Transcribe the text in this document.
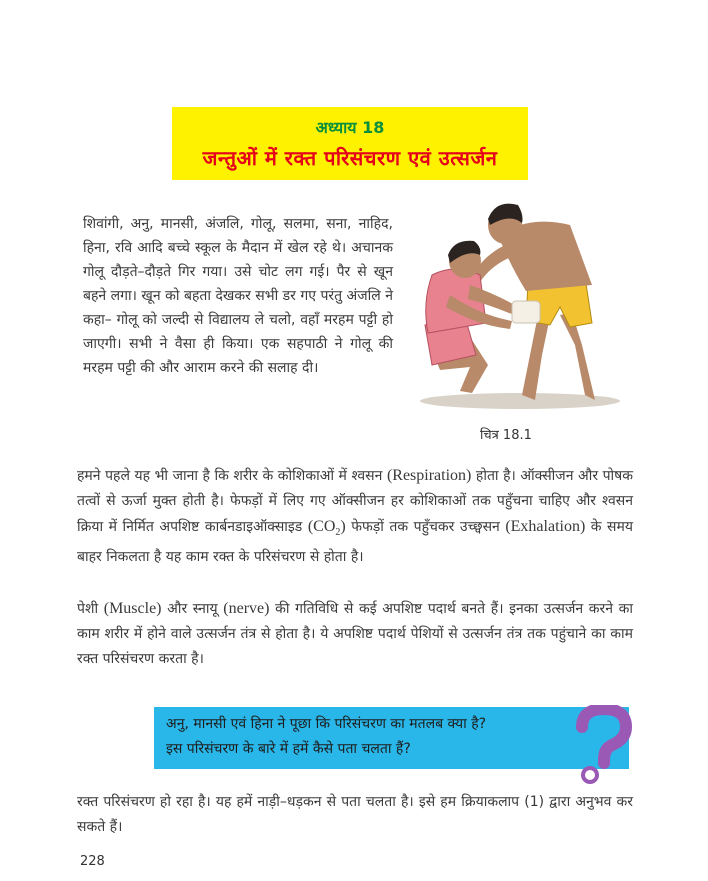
अध्याय 18
जन्तुओं में रक्त परिसंचरण एवं उत्सर्जन
शिवांगी, अनु, मानसी, अंजलि, गोलू, सलमा, सना, नाहिद, हिना, रवि आदि बच्चे स्कूल के मैदान में खेल रहे थे। अचानक गोलू दौड़ते–दौड़ते गिर गया। उसे चोट लग गई। पैर से खून बहने लगा। खून को बहता देखकर सभी डर गए परंतु अंजलि ने कहा– गोलू को जल्दी से विद्यालय ले चलो, वहाँ मरहम पट्टी हो जाएगी। सभी ने वैसा ही किया। एक सहपाठी ने गोलू की मरहम पट्टी की और आराम करने की सलाह दी।
चित्र 18.1
हमने पहले यह भी जाना है कि शरीर के कोशिकाओं में श्वसन (Respiration) होता है। ऑक्सीजन और पोषक तत्वों से ऊर्जा मुक्त होती है। फेफड़ों में लिए गए ऑक्सीजन हर कोशिकाओं तक पहुँचना चाहिए और श्वसन क्रिया में निर्मित अपशिष्ट कार्बनडाइऑक्साइड $(CO_2)$ फेफड़ों तक पहुँचकर उच्छ्वसन (Exhalation) के समय बाहर निकलता है यह काम रक्त के परिसंचरण से होता है।
पेशी (Muscle) और स्नायू (nerve) की गतिविधि से कई अपशिष्ट पदार्थ बनते हैं। इनका उत्सर्जन करने का काम शरीर में होने वाले उत्सर्जन तंत्र से होता है। ये अपशिष्ट पदार्थ पेशियों से उत्सर्जन तंत्र तक पहुंचाने का काम रक्त परिसंचरण करता है।
अनु, मानसी एवं हिना ने पूछा कि परिसंचरण का मतलब क्या है?
इस परिसंचरण के बारे में हमें कैसे पता चलता हैं?
रक्त परिसंचरण हो रहा है। यह हमें नाड़ी–धड़कन से पता चलता है। इसे हम क्रियाकलाप (1) द्वारा अनुभव कर सकते हैं।
228
